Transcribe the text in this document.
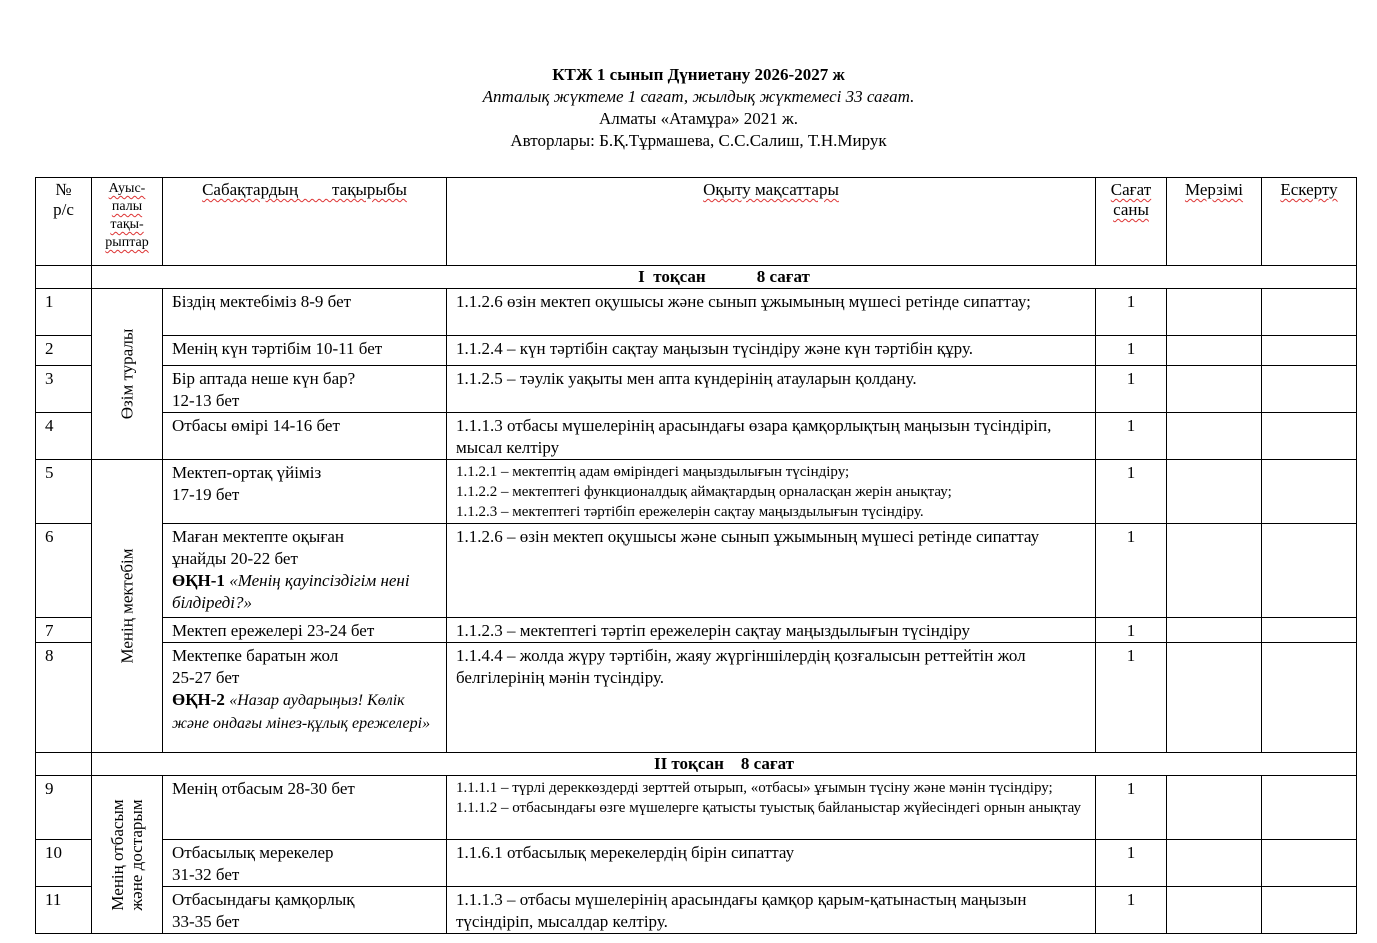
КТЖ 1 сынып Дүниетану 2026-2027 ж
Апталық жүктеме 1 сағат, жылдық жүктемесі 33 сағат.
Алматы «Атамұра» 2021 ж.
Авторлары: Б.Қ.Тұрмашева, С.С.Салиш, Т.Н.Мирук
№
р/с	Ауыс-
палы
тақы-
рыптар	Сабақтардың        тақырыбы	Оқыту мақсаттары	Сағат
саны	Мерзімі	Ескерту
	І  тоқсан            8 сағат					
1	Өзім туралы	Біздің мектебіміз 8-9 бет	1.1.2.6 өзін мектеп оқушысы және сынып ұжымының мүшесі ретінде сипаттау;	1		
2		Менің күн тәртібім 10-11 бет	1.1.2.4 – күн тәртібін сақтау маңызын түсіндіру және күн тәртібін құру.	1		
3		Бір аптада неше күн бар?
12-13 бет	1.1.2.5 – тәулік уақыты мен апта күндерінің атауларын қолдану.	1		
4		Отбасы өмірі 14-16 бет	1.1.1.3 отбасы мүшелерінің арасындағы өзара қамқорлықтың маңызын түсіндіріп, мысал келтіру	1		
5	Менің мектебім	Мектеп-ортақ үйіміз
17-19 бет	1.1.2.1 – мектептің адам өміріндегі маңыздылығын түсіндіру;
1.1.2.2 – мектептегі функционалдық аймақтардың орналасқан жерін анықтау;
1.1.2.3 – мектептегі тәртібіп ережелерін сақтау маңыздылығын түсіндіру.	1		
6		Маған мектепте оқыған
ұнайды 20-22 бет
ӨҚН-1 «Менің қауіпсіздігім нені білдіреді?»	1.1.2.6 – өзін мектеп оқушысы және сынып ұжымының мүшесі ретінде сипаттау	1		
7		Мектеп ережелері 23-24 бет	1.1.2.3 – мектептегі тәртіп ережелерін сақтау маңыздылығын түсіндіру	1		
8		Мектепке баратын жол
25-27 бет
ӨҚН-2 «Назар аударыңыз! Көлік және ондағы мінез-құлық ережелері»	1.1.4.4 – жолда жүру тәртібін, жаяу жүргіншілердің қозғалысын реттейтін жол белгілерінің мәнін түсіндіру.	1		
	ІІ тоқсан    8 сағат					
9	Менің отбасым
және достарым	Менің отбасым 28-30 бет	1.1.1.1 – түрлі дереккөздерді зерттей отырып, «отбасы» ұғымын түсіну және мәнін түсіндіру; 1.1.1.2 – отбасындағы өзге мүшелерге қатысты туыстық байланыстар жүйесіндегі орнын анықтау	1		
10		Отбасылық мерекелер
31-32 бет	1.1.6.1 отбасылық мерекелердің бірін сипаттау	1		
11		Отбасындағы қамқорлық
33-35 бет	1.1.1.3 – отбасы мүшелерінің арасындағы қамқор қарым-қатынастың маңызын түсіндіріп, мысалдар келтіру.	1		
